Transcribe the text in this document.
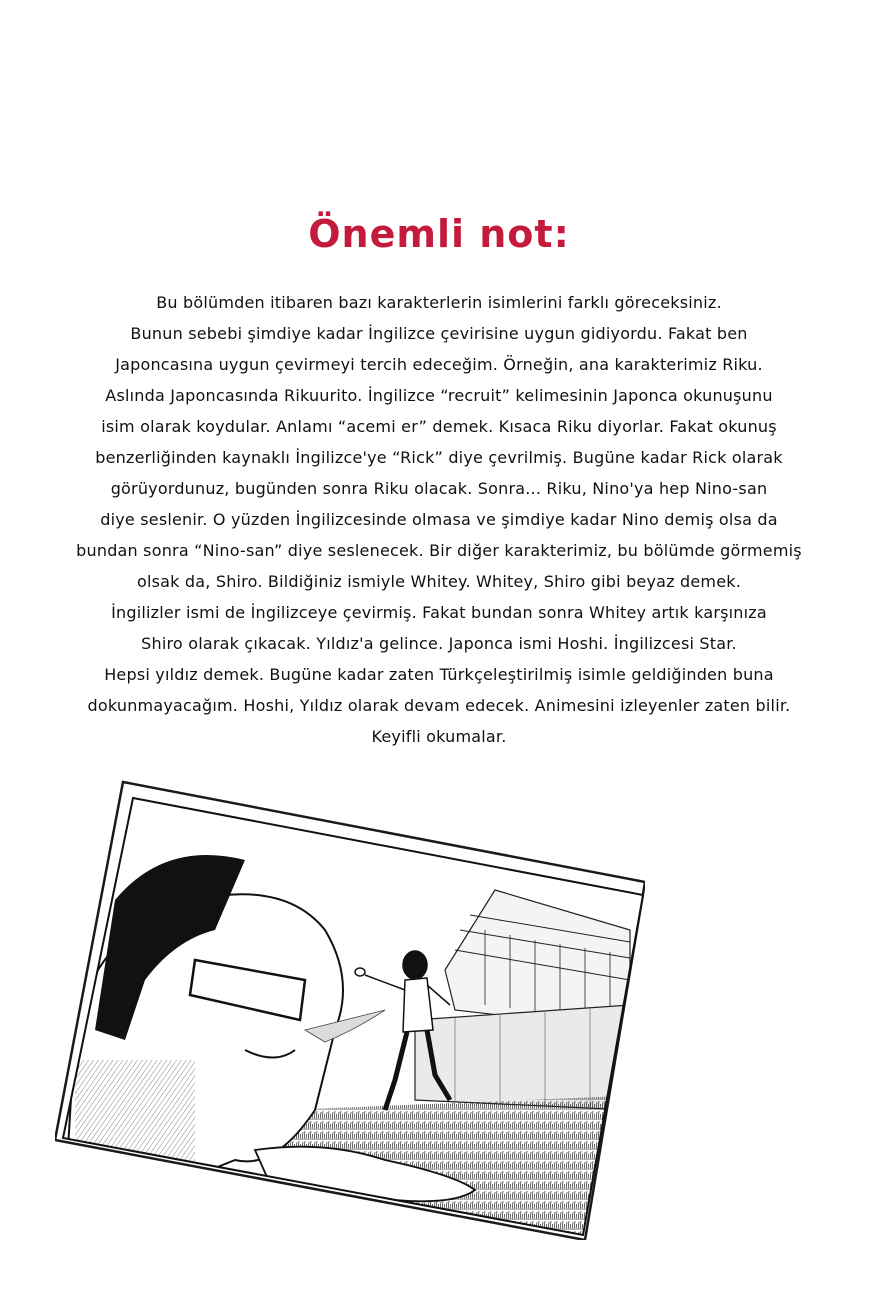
Önemli not:
Bu bölümden itibaren bazı karakterlerin isimlerini farklı göreceksiniz.
Bunun sebebi şimdiye kadar İngilizce çevirisine uygun gidiyordu. Fakat ben
Japoncasına uygun çevirmeyi tercih edeceğim. Örneğin, ana karakterimiz Riku.
Aslında Japoncasında Rikuurito. İngilizce “recruit” kelimesinin Japonca okunuşunu
isim olarak koydular. Anlamı “acemi er” demek. Kısaca Riku diyorlar. Fakat okunuş
benzerliğinden kaynaklı İngilizce'ye “Rick” diye çevrilmiş. Bugüne kadar Rick olarak
görüyordunuz, bugünden sonra Riku olacak. Sonra... Riku, Nino'ya hep Nino-san
diye seslenir. O yüzden İngilizcesinde olmasa ve şimdiye kadar Nino demiş olsa da
bundan sonra “Nino-san” diye seslenecek. Bir diğer karakterimiz, bu bölümde görmemiş
olsak da, Shiro. Bildiğiniz ismiyle Whitey. Whitey, Shiro gibi beyaz demek.
İngilizler ismi de İngilizceye çevirmiş. Fakat bundan sonra Whitey artık karşınıza
Shiro olarak çıkacak. Yıldız'a gelince. Japonca ismi Hoshi. İngilizcesi Star.
Hepsi yıldız demek. Bugüne kadar zaten Türkçeleştirilmiş isimle geldiğinden buna
dokunmayacağım. Hoshi, Yıldız olarak devam edecek. Animesini izleyenler zaten bilir.
Keyifli okumalar.
